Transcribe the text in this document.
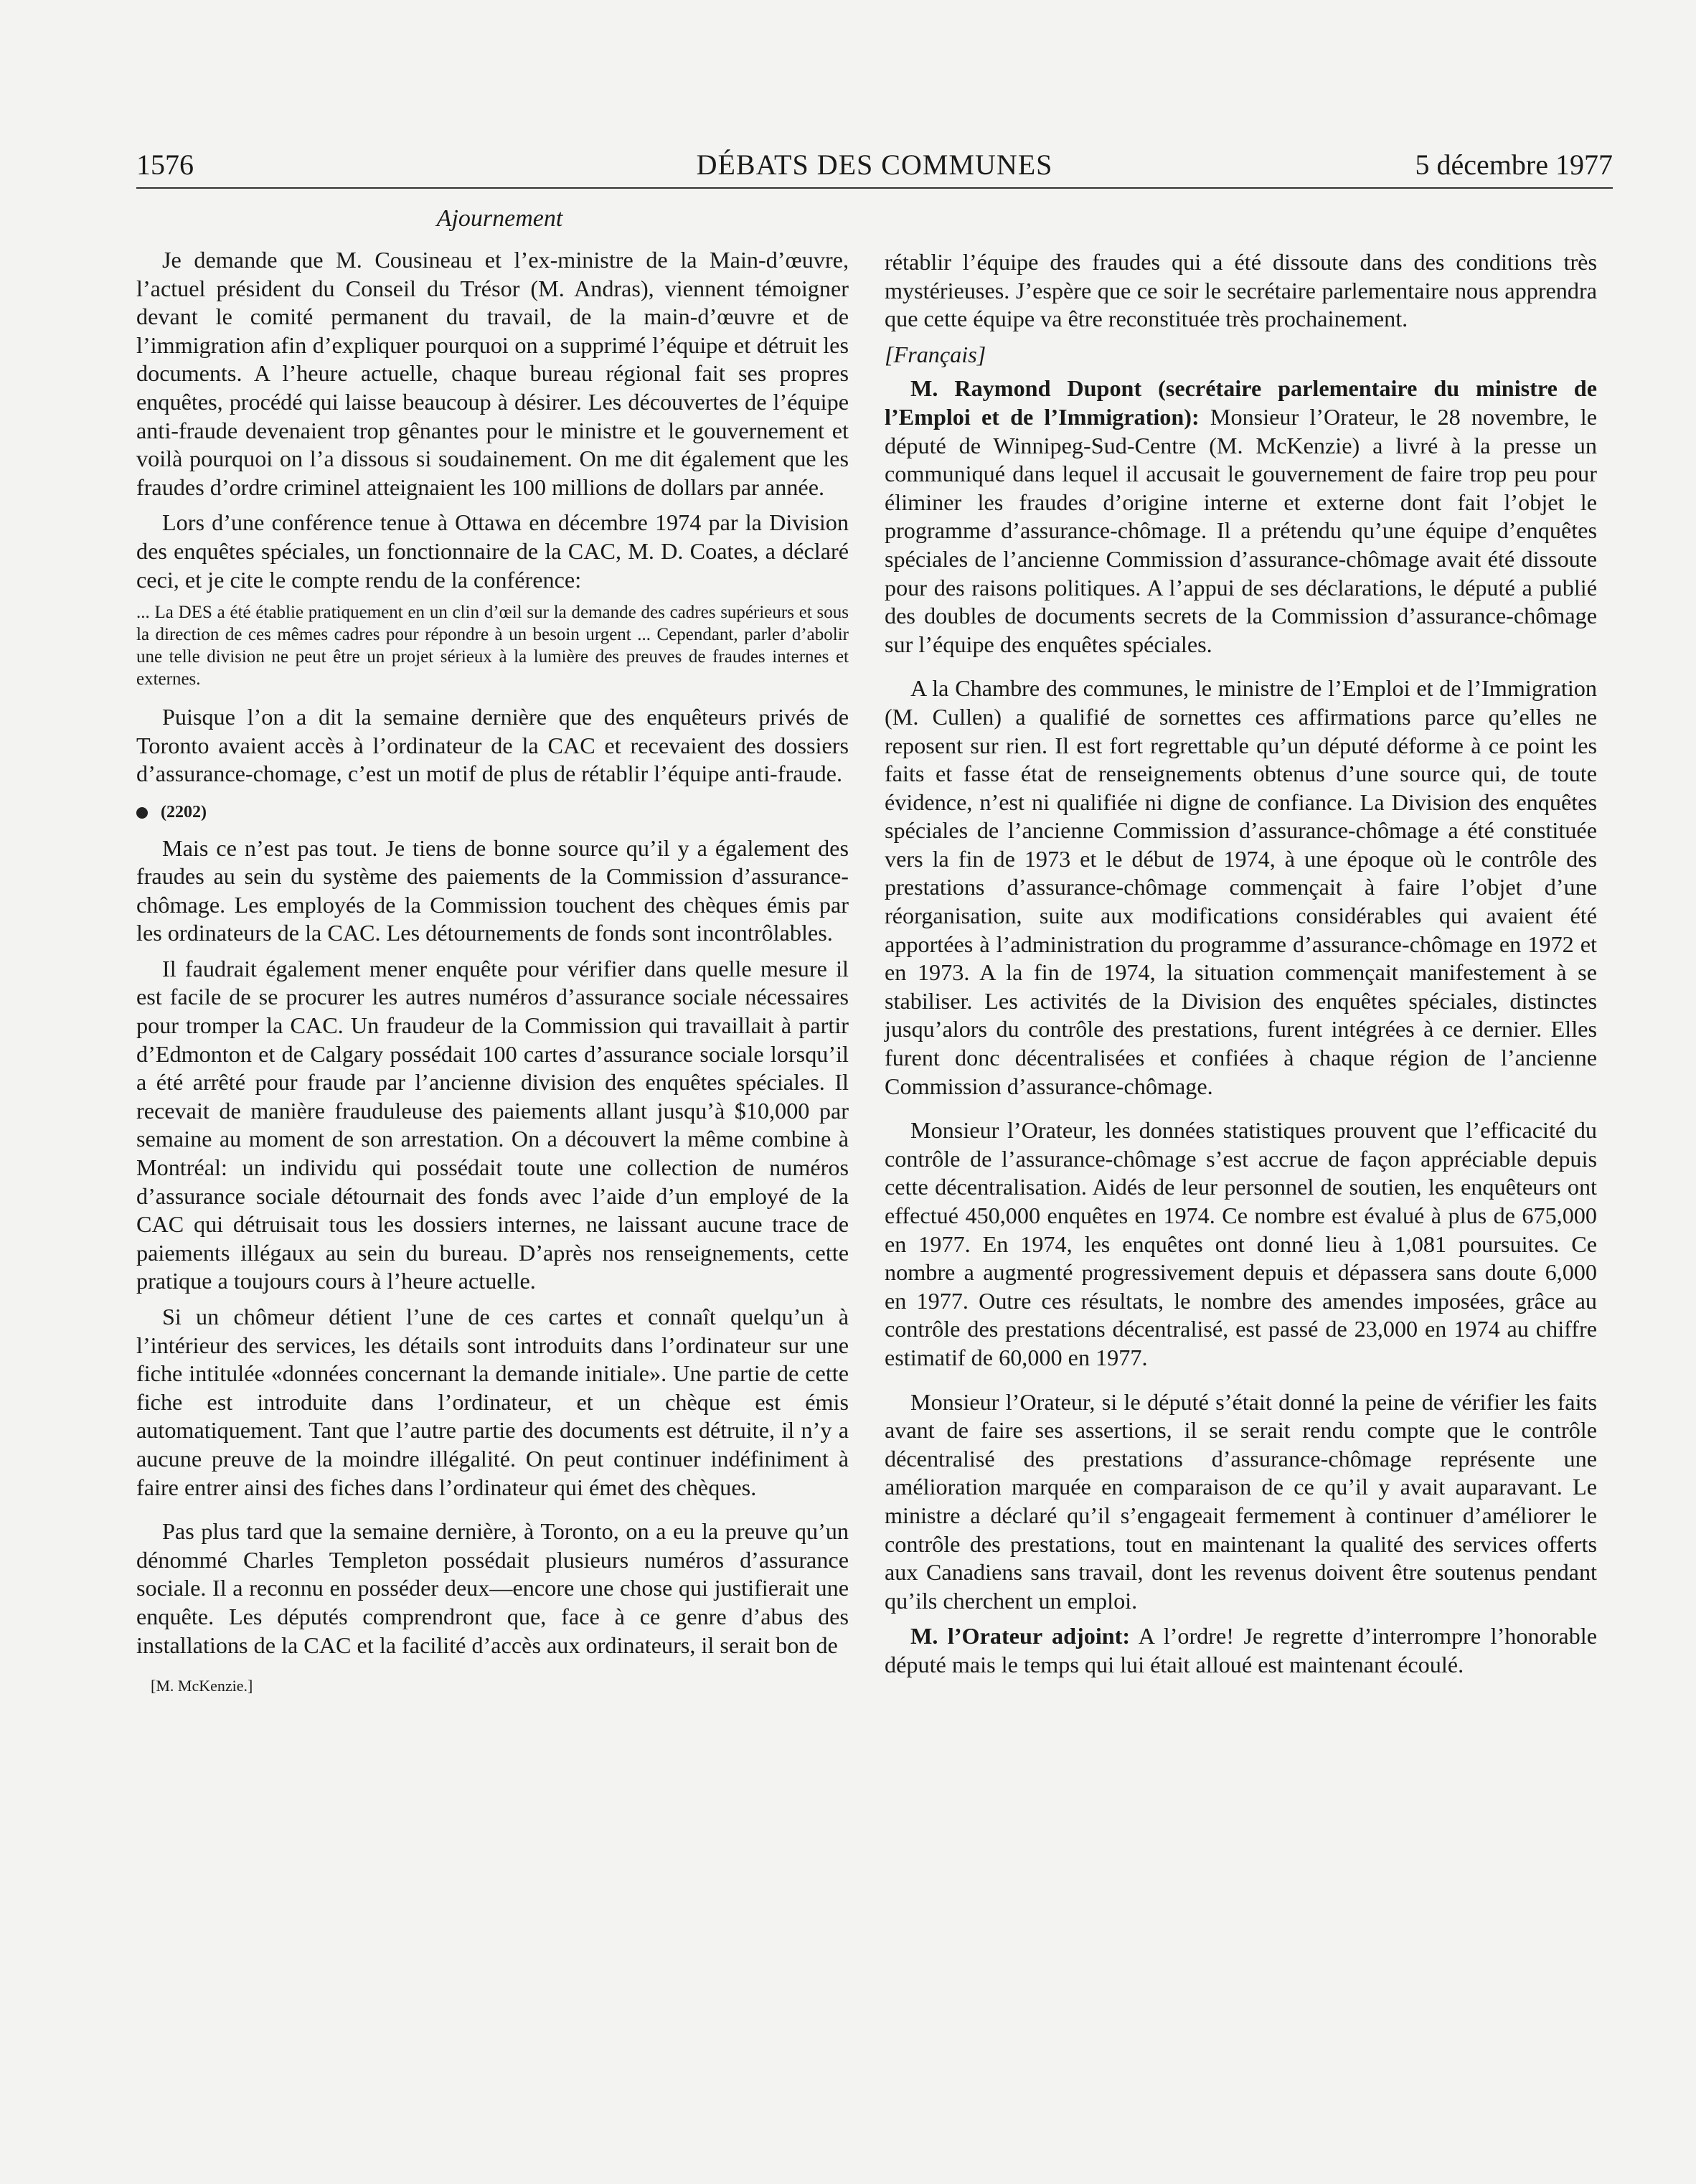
1576	DÉBATS DES COMMUNES	5 décembre 1977
Ajournement

Je demande que M. Cousineau et l’ex-ministre de la Main-d’œuvre, l’actuel président du Conseil du Trésor (M. Andras), viennent témoigner devant le comité permanent du travail, de la main-d’œuvre et de l’immigration afin d’expliquer pourquoi on a supprimé l’équipe et détruit les documents. A l’heure actuelle, chaque bureau régional fait ses propres enquêtes, procédé qui laisse beaucoup à désirer. Les découvertes de l’équipe anti-fraude devenaient trop gênantes pour le ministre et le gouvernement et voilà pourquoi on l’a dissous si soudainement. On me dit également que les fraudes d’ordre criminel atteignaient les 100 millions de dollars par année.

Lors d’une conférence tenue à Ottawa en décembre 1974 par la Division des enquêtes spéciales, un fonctionnaire de la CAC, M. D. Coates, a déclaré ceci, et je cite le compte rendu de la conférence:

... La DES a été établie pratiquement en un clin d’œil sur la demande des cadres supérieurs et sous la direction de ces mêmes cadres pour répondre à un besoin urgent ... Cependant, parler d’abolir une telle division ne peut être un projet sérieux à la lumière des preuves de fraudes internes et externes.

Puisque l’on a dit la semaine dernière que des enquêteurs privés de Toronto avaient accès à l’ordinateur de la CAC et recevaient des dossiers d’assurance-chomage, c’est un motif de plus de rétablir l’équipe anti-fraude.

(2202)

Mais ce n’est pas tout. Je tiens de bonne source qu’il y a également des fraudes au sein du système des paiements de la Commission d’assurance-chômage. Les employés de la Commission touchent des chèques émis par les ordinateurs de la CAC. Les détournements de fonds sont incontrôlables.

Il faudrait également mener enquête pour vérifier dans quelle mesure il est facile de se procurer les autres numéros d’assurance sociale nécessaires pour tromper la CAC. Un fraudeur de la Commission qui travaillait à partir d’Edmonton et de Calgary possédait 100 cartes d’assurance sociale lorsqu’il a été arrêté pour fraude par l’ancienne division des enquêtes spéciales. Il recevait de manière frauduleuse des paiements allant jusqu’à $10,000 par semaine au moment de son arrestation. On a découvert la même combine à Montréal: un individu qui possédait toute une collection de numéros d’assurance sociale détournait des fonds avec l’aide d’un employé de la CAC qui détruisait tous les dossiers internes, ne laissant aucune trace de paiements illégaux au sein du bureau. D’après nos renseignements, cette pratique a toujours cours à l’heure actuelle.

Si un chômeur détient l’une de ces cartes et connaît quelqu’un à l’intérieur des services, les détails sont introduits dans l’ordinateur sur une fiche intitulée «données concernant la demande initiale». Une partie de cette fiche est introduite dans l’ordinateur, et un chèque est émis automatiquement. Tant que l’autre partie des documents est détruite, il n’y a aucune preuve de la moindre illégalité. On peut continuer indéfiniment à faire entrer ainsi des fiches dans l’ordinateur qui émet des chèques.

Pas plus tard que la semaine dernière, à Toronto, on a eu la preuve qu’un dénommé Charles Templeton possédait plusieurs numéros d’assurance sociale. Il a reconnu en posséder deux—encore une chose qui justifierait une enquête. Les députés comprendront que, face à ce genre d’abus des installations de la CAC et la facilité d’accès aux ordinateurs, il serait bon de

[M. McKenzie.]

rétablir l’équipe des fraudes qui a été dissoute dans des conditions très mystérieuses. J’espère que ce soir le secrétaire parlementaire nous apprendra que cette équipe va être reconstituée très prochainement.

[Français]

M. Raymond Dupont (secrétaire parlementaire du ministre de l’Emploi et de l’Immigration): Monsieur l’Orateur, le 28 novembre, le député de Winnipeg-Sud-Centre (M. McKenzie) a livré à la presse un communiqué dans lequel il accusait le gouvernement de faire trop peu pour éliminer les fraudes d’origine interne et externe dont fait l’objet le programme d’assurance-chômage. Il a prétendu qu’une équipe d’enquêtes spéciales de l’ancienne Commission d’assurance-chômage avait été dissoute pour des raisons politiques. A l’appui de ses déclarations, le député a publié des doubles de documents secrets de la Commission d’assurance-chômage sur l’équipe des enquêtes spéciales.

A la Chambre des communes, le ministre de l’Emploi et de l’Immigration (M. Cullen) a qualifié de sornettes ces affirmations parce qu’elles ne reposent sur rien. Il est fort regrettable qu’un député déforme à ce point les faits et fasse état de renseignements obtenus d’une source qui, de toute évidence, n’est ni qualifiée ni digne de confiance. La Division des enquêtes spéciales de l’ancienne Commission d’assurance-chômage a été constituée vers la fin de 1973 et le début de 1974, à une époque où le contrôle des prestations d’assurance-chômage commençait à faire l’objet d’une réorganisation, suite aux modifications considérables qui avaient été apportées à l’administration du programme d’assurance-chômage en 1972 et en 1973. A la fin de 1974, la situation commençait manifestement à se stabiliser. Les activités de la Division des enquêtes spéciales, distinctes jusqu’alors du contrôle des prestations, furent intégrées à ce dernier. Elles furent donc décentralisées et confiées à chaque région de l’ancienne Commission d’assurance-chômage.

Monsieur l’Orateur, les données statistiques prouvent que l’efficacité du contrôle de l’assurance-chômage s’est accrue de façon appréciable depuis cette décentralisation. Aidés de leur personnel de soutien, les enquêteurs ont effectué 450,000 enquêtes en 1974. Ce nombre est évalué à plus de 675,000 en 1977. En 1974, les enquêtes ont donné lieu à 1,081 poursuites. Ce nombre a augmenté progressivement depuis et dépassera sans doute 6,000 en 1977. Outre ces résultats, le nombre des amendes imposées, grâce au contrôle des prestations décentralisé, est passé de 23,000 en 1974 au chiffre estimatif de 60,000 en 1977.

Monsieur l’Orateur, si le député s’était donné la peine de vérifier les faits avant de faire ses assertions, il se serait rendu compte que le contrôle décentralisé des prestations d’assurance-chômage représente une amélioration marquée en comparaison de ce qu’il y avait auparavant. Le ministre a déclaré qu’il s’engageait fermement à continuer d’améliorer le contrôle des prestations, tout en maintenant la qualité des services offerts aux Canadiens sans travail, dont les revenus doivent être soutenus pendant qu’ils cherchent un emploi.

M. l’Orateur adjoint: A l’ordre! Je regrette d’interrompre l’honorable député mais le temps qui lui était alloué est maintenant écoulé.
